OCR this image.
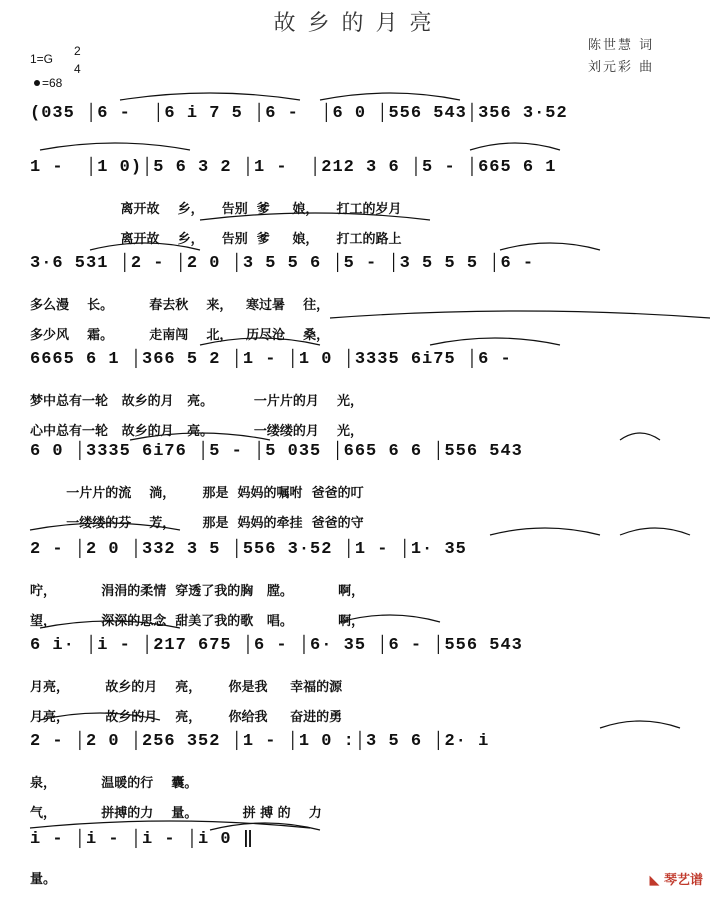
故乡的月亮
1=G
2
4
=68
陈世慧 词
刘元彩 曲
(035 │6 -  │6 i 7 5 │6 -  │6 0 │556 543│356 3·52
1 -  │1 0)│5 6 3 2 │1 -  │212 3 6 │5 - │665 6 1
离开故    乡，    告别  爹     娘，    打工的岁月
离开故    乡，    告别  爹     娘，    打工的路上
3·6 531 │2 - │2 0 │3 5 5 6 │5 - │3 5 5 5 │6 -
多么漫    长。        春去秋    来，   寒过暑    往，
多少风    霜。        走南闯    北，   历尽沧    桑，
6665 6 1 │366 5 2 │1 - │1 0 │3335 6i75 │6 -
梦中总有一轮   故乡的月   亮。         一片片的月    光，
心中总有一轮   故乡的月   亮。         一缕缕的月    光，
6 0 │3335 6i76 │5 - │5 035 │665 6 6 │556 543
一片片的流    淌，      那是  妈妈的嘱咐  爸爸的叮
一缕缕的芬    芳，      那是  妈妈的牵挂  爸爸的守
2 - │2 0 │332 3 5 │556 3·52 │1 - │1· 35
咛，          涓涓的柔情  穿透了我的胸   膛。          啊，
望，          深深的思念  甜美了我的歌   唱。          啊，
6 i· │i - │217 675 │6 - │6· 35 │6 - │556 543
月亮，        故乡的月    亮，      你是我     幸福的源
月亮，        故乡的月    亮，      你给我     奋进的勇
2 - │2 0 │256 352 │1 - │1 0 :│3 5 6 │2· i
泉，          温暖的行    囊。
气，          拼搏的力    量。          拼 搏 的    力
i - │i - │i - │i 0 ‖
量。	◣ 琴艺谱
